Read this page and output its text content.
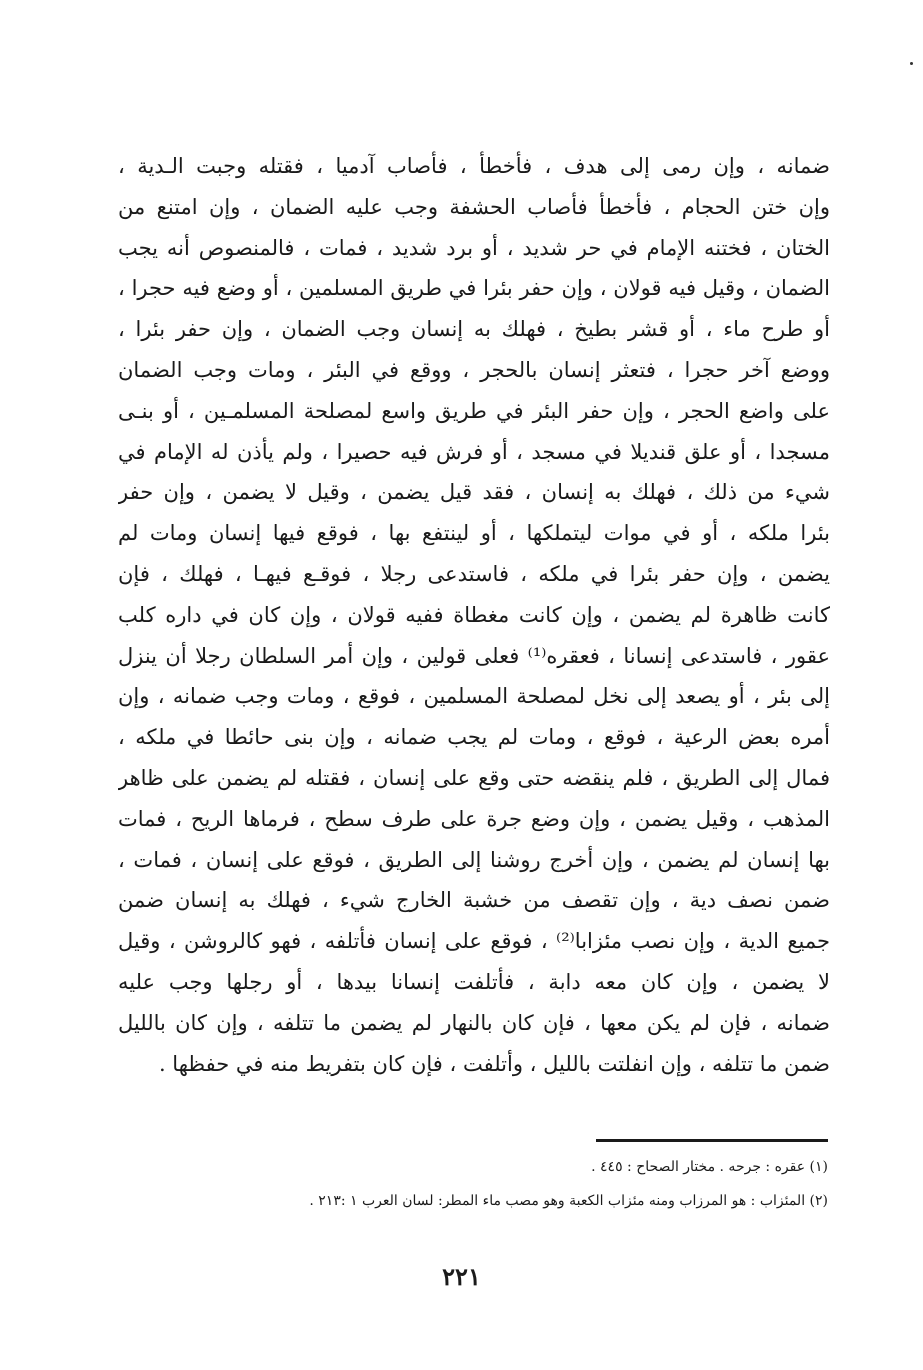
ضمانه ، وإن رمى إلى هدف ، فأخطأ ، فأصاب آدميا ، فقتله وجبت الـدية ،
وإن ختن الحجام ، فأخطأ فأصاب الحشفة وجب عليه الضمان ، وإن امتنع من
الختان ، فختنه الإمام في حر شديد ، أو برد شديد ، فمات ، فالمنصوص أنه يجب
الضمان ، وقيل فيه قولان ، وإن حفر بئرا في طريق المسلمين ، أو وضع فيه حجرا ،
أو طرح ماء ، أو قشر بطيخ ، فهلك به إنسان وجب الضمان ، وإن حفر بئرا ،
ووضع آخر حجرا ، فتعثر إنسان بالحجر ، ووقع في البئر ، ومات وجب الضمان
على واضع الحجر ، وإن حفر البئر في طريق واسع لمصلحة المسلمـين ، أو بنـى
مسجدا ، أو علق قنديلا في مسجد ، أو فرش فيه حصيرا ، ولم يأذن له الإمام في
شيء من ذلك ، فهلك به إنسان ، فقد قيل يضمن ، وقيل لا يضمن ، وإن حفر
بئرا ملكه ، أو في موات ليتملكها ، أو لينتفع بها ، فوقع فيها إنسان ومات لم
يضمن ، وإن حفر بئرا في ملكه ، فاستدعى رجلا ، فوقـع فيهـا ، فهلك ، فإن
كانت ظاهرة لم يضمن ، وإن كانت مغطاة ففيه قولان ، وإن كان في داره كلب
عقور ، فاستدعى إنسانا ، فعقره⁽¹⁾ فعلى قولين ، وإن أمر السلطان رجلا أن ينزل
إلى بئر ، أو يصعد إلى نخل لمصلحة المسلمين ، فوقع ، ومات وجب ضمانه ، وإن
أمره بعض الرعية ، فوقع ، ومات لم يجب ضمانه ، وإن بنى حائطا في ملكه ،
فمال إلى الطريق ، فلم ينقضه حتى وقع على إنسان ، فقتله لم يضمن على ظاهر
المذهب ، وقيل يضمن ، وإن وضع جرة على طرف سطح ، فرماها الريح ، فمات
بها إنسان لم يضمن ، وإن أخرج روشنا إلى الطريق ، فوقع على إنسان ، فمات ،
ضمن نصف دية ، وإن تقصف من خشبة الخارج شيء ، فهلك به إنسان ضمن
جميع الدية ، وإن نصب مئزابا⁽²⁾ ، فوقع على إنسان فأتلفه ، فهو كالروشن ، وقيل
لا يضمن ، وإن كان معه دابة ، فأتلفت إنسانا بيدها ، أو رجلها وجب عليه
ضمانه ، فإن لم يكن معها ، فإن كان بالنهار لم يضمن ما تتلفه ، وإن كان بالليل
ضمن ما تتلفه ، وإن انفلتت بالليل ، وأتلفت ، فإن كان بتفريط منه في حفظها .
(١) عقره : جرحه . مختار الصحاح : ٤٤٥ .
(٢) المئزاب : هو المرزاب ومنه مئزاب الكعبة وهو مصب ماء المطر: لسان العرب ١ :٢١٣ .
٢٢١
